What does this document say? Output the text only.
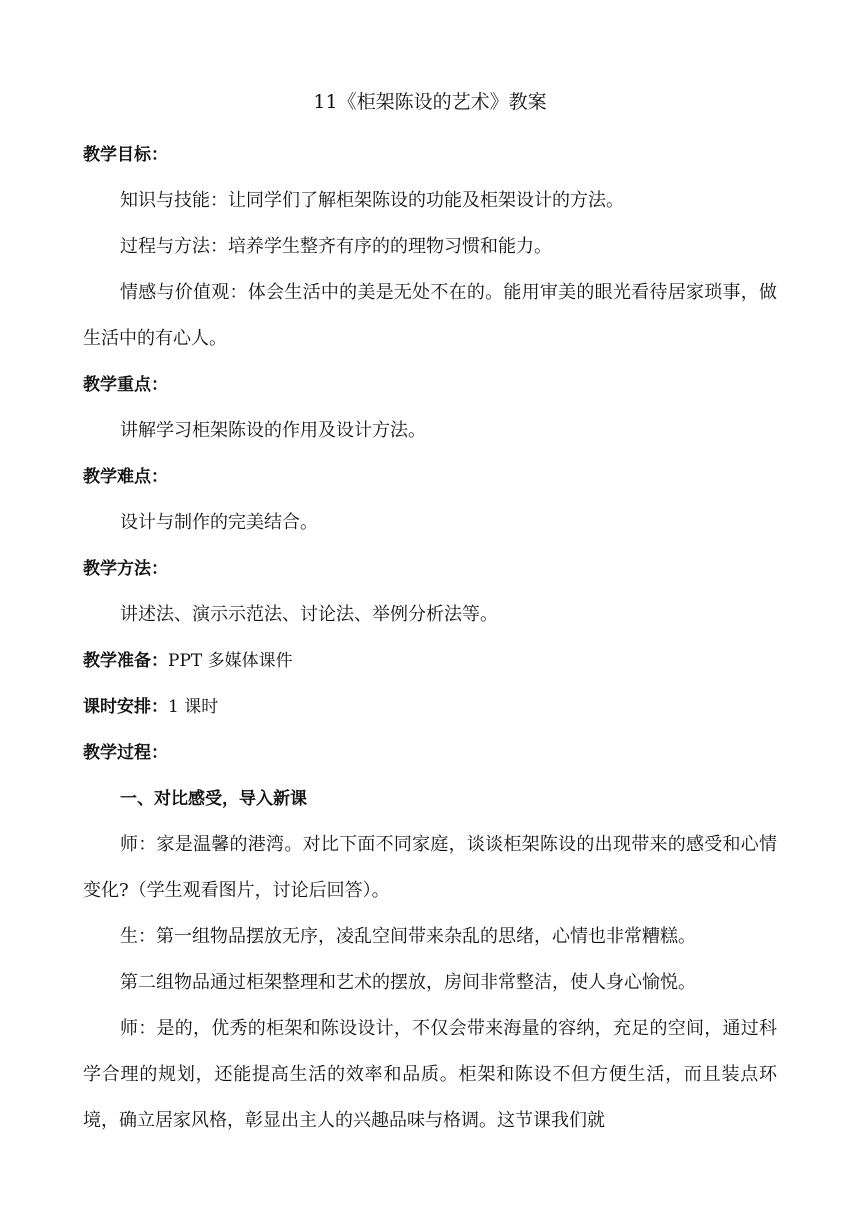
11《柜架陈设的艺术》教案

教学目标：

知识与技能：让同学们了解柜架陈设的功能及柜架设计的方法。

过程与方法：培养学生整齐有序的的理物习惯和能力。

情感与价值观：体会生活中的美是无处不在的。能用审美的眼光看待居家琐事，做生活中的有心人。

教学重点：

讲解学习柜架陈设的作用及设计方法。

教学难点：

设计与制作的完美结合。

教学方法：

讲述法、演示示范法、讨论法、举例分析法等。

教学准备：PPT 多媒体课件

课时安排：1 课时

教学过程：

一、对比感受，导入新课

师：家是温馨的港湾。对比下面不同家庭，谈谈柜架陈设的出现带来的感受和心情变化?（学生观看图片，讨论后回答）。

生：第一组物品摆放无序，凌乱空间带来杂乱的思绪，心情也非常糟糕。

第二组物品通过柜架整理和艺术的摆放，房间非常整洁，使人身心愉悦。

师：是的，优秀的柜架和陈设设计，不仅会带来海量的容纳，充足的空间，通过科学合理的规划，还能提高生活的效率和品质。柜架和陈设不但方便生活，而且装点环境，确立居家风格，彰显出主人的兴趣品味与格调。这节课我们就
